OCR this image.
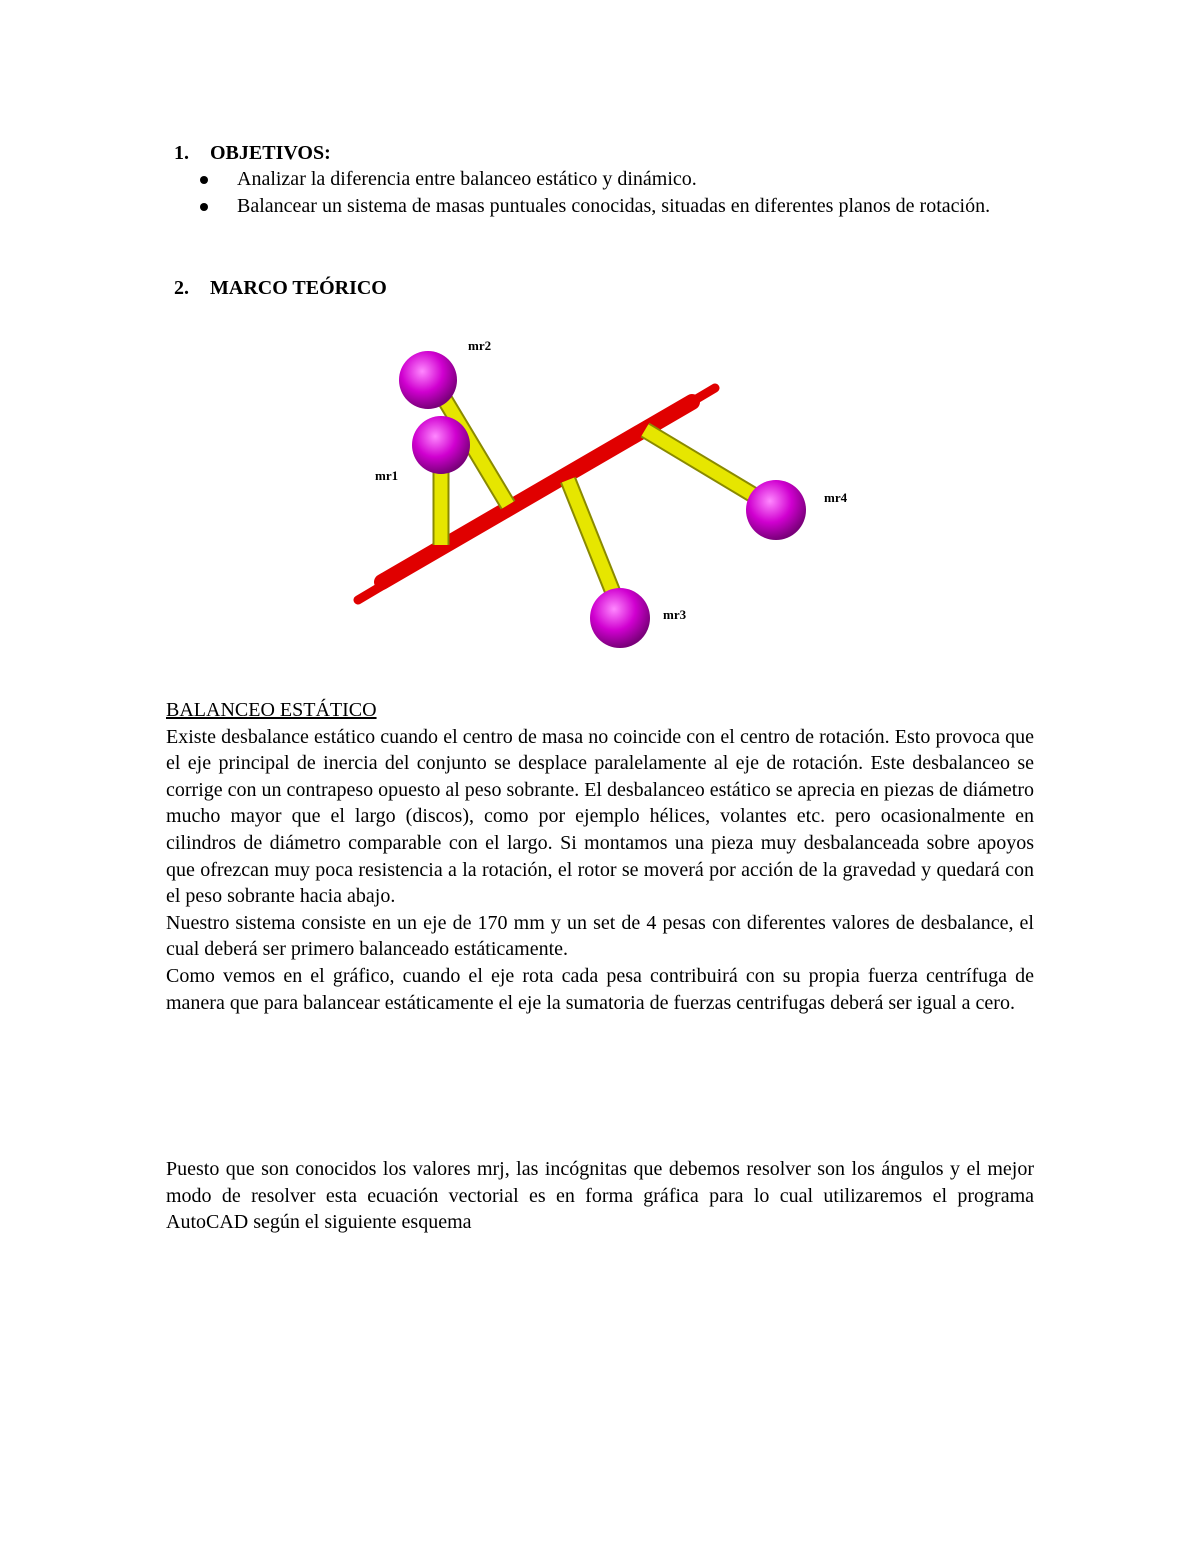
1. OBJETIVOS:
Analizar la diferencia entre balanceo estático y dinámico.
Balancear un sistema de masas puntuales conocidas, situadas en diferentes planos de rotación.
2. MARCO TEÓRICO
mr2
mr1
mr3
mr4

BALANCEO ESTÁTICO

Existe desbalance estático cuando el centro de masa no coincide con el centro de rotación. Esto provoca que el eje principal de inercia del conjunto se desplace paralelamente al eje de rotación. Este desbalanceo se corrige con un contrapeso opuesto al peso sobrante. El desbalanceo estático se aprecia en piezas de diámetro mucho mayor que el largo (discos), como por ejemplo hélices, volantes etc. pero ocasionalmente en cilindros de diámetro comparable con el largo. Si montamos una pieza muy desbalanceada sobre apoyos que ofrezcan muy poca resistencia a la rotación, el rotor se moverá por acción de la gravedad y quedará con el peso sobrante hacia abajo.

Nuestro sistema consiste en un eje de 170 mm y un set de 4 pesas con diferentes valores de desbalance, el cual deberá ser primero balanceado estáticamente.

Como vemos en el gráfico, cuando el eje rota cada pesa contribuirá con su propia fuerza centrífuga de manera que para balancear estáticamente el eje la sumatoria de fuerzas centrifugas deberá ser igual a cero.

Puesto que son conocidos los valores mrj, las incógnitas que debemos resolver son los ángulos y el mejor modo de resolver esta ecuación vectorial es en forma gráfica para lo cual utilizaremos el programa AutoCAD según el siguiente esquema
